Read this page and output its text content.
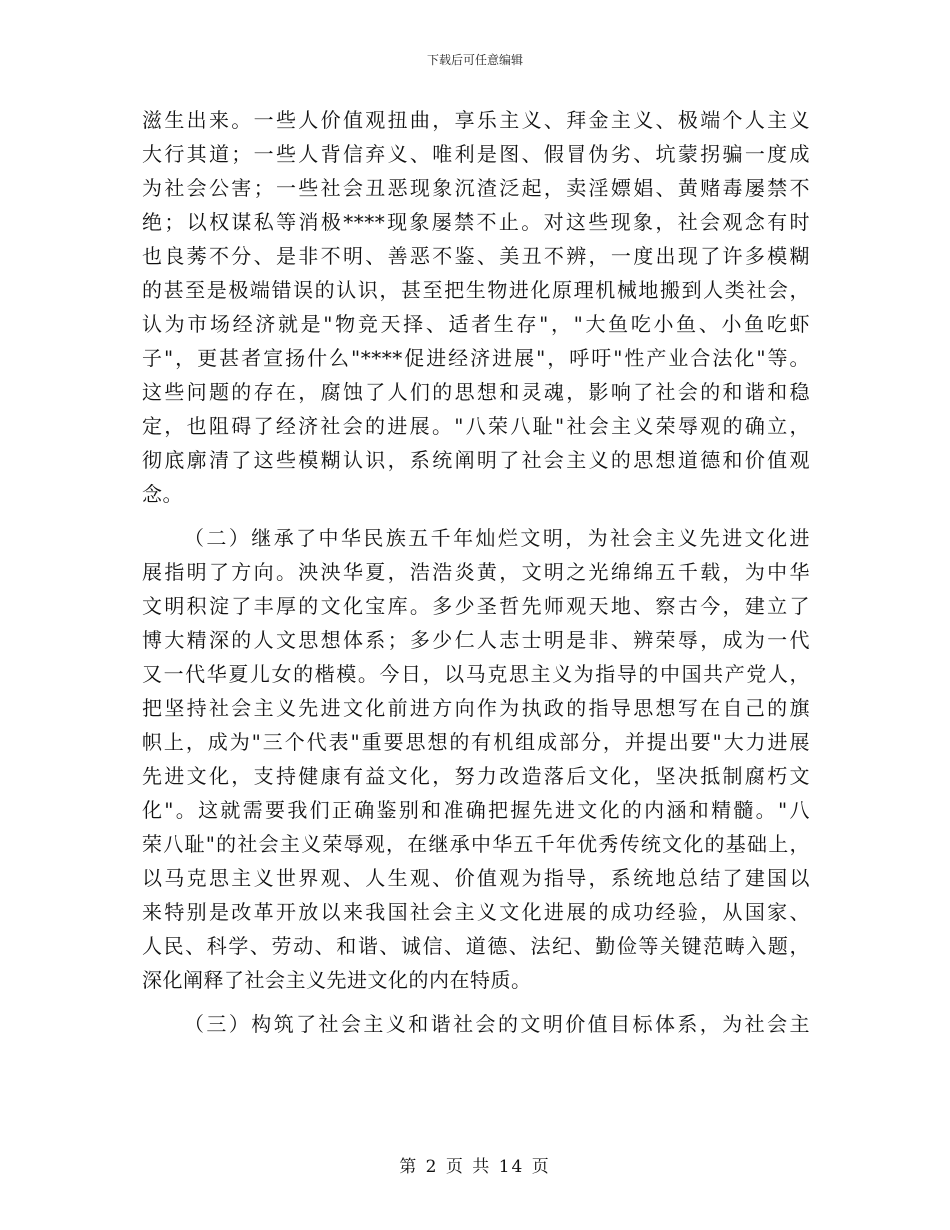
下载后可任意编辑
滋生出来。一些人价值观扭曲，享乐主义、拜金主义、极端个人主义
大行其道；一些人背信弃义、唯利是图、假冒伪劣、坑蒙拐骗一度成
为社会公害；一些社会丑恶现象沉渣泛起，卖淫嫖娼、黄赌毒屡禁不
绝；以权谋私等消极****现象屡禁不止。对这些现象，社会观念有时
也良莠不分、是非不明、善恶不鉴、美丑不辨，一度出现了许多模糊
的甚至是极端错误的认识，甚至把生物进化原理机械地搬到人类社会，
认为市场经济就是"物竞天择、适者生存"，"大鱼吃小鱼、小鱼吃虾
子"，更甚者宣扬什么"****促进经济进展"，呼吁"性产业合法化"等。
这些问题的存在，腐蚀了人们的思想和灵魂，影响了社会的和谐和稳
定，也阻碍了经济社会的进展。"八荣八耻"社会主义荣辱观的确立，
彻底廓清了这些模糊认识，系统阐明了社会主义的思想道德和价值观
念。
（二）继承了中华民族五千年灿烂文明，为社会主义先进文化进
展指明了方向。泱泱华夏，浩浩炎黄，文明之光绵绵五千载，为中华
文明积淀了丰厚的文化宝库。多少圣哲先师观天地、察古今，建立了
博大精深的人文思想体系；多少仁人志士明是非、辨荣辱，成为一代
又一代华夏儿女的楷模。今日，以马克思主义为指导的中国共产党人，
把坚持社会主义先进文化前进方向作为执政的指导思想写在自己的旗
帜上，成为"三个代表"重要思想的有机组成部分，并提出要"大力进展
先进文化，支持健康有益文化，努力改造落后文化，坚决抵制腐朽文
化"。这就需要我们正确鉴别和准确把握先进文化的内涵和精髓。"八
荣八耻"的社会主义荣辱观，在继承中华五千年优秀传统文化的基础上，
以马克思主义世界观、人生观、价值观为指导，系统地总结了建国以
来特别是改革开放以来我国社会主义文化进展的成功经验，从国家、
人民、科学、劳动、和谐、诚信、道德、法纪、勤俭等关键范畴入题，
深化阐释了社会主义先进文化的内在特质。
（三）构筑了社会主义和谐社会的文明价值目标体系，为社会主
第 2 页 共 14 页
